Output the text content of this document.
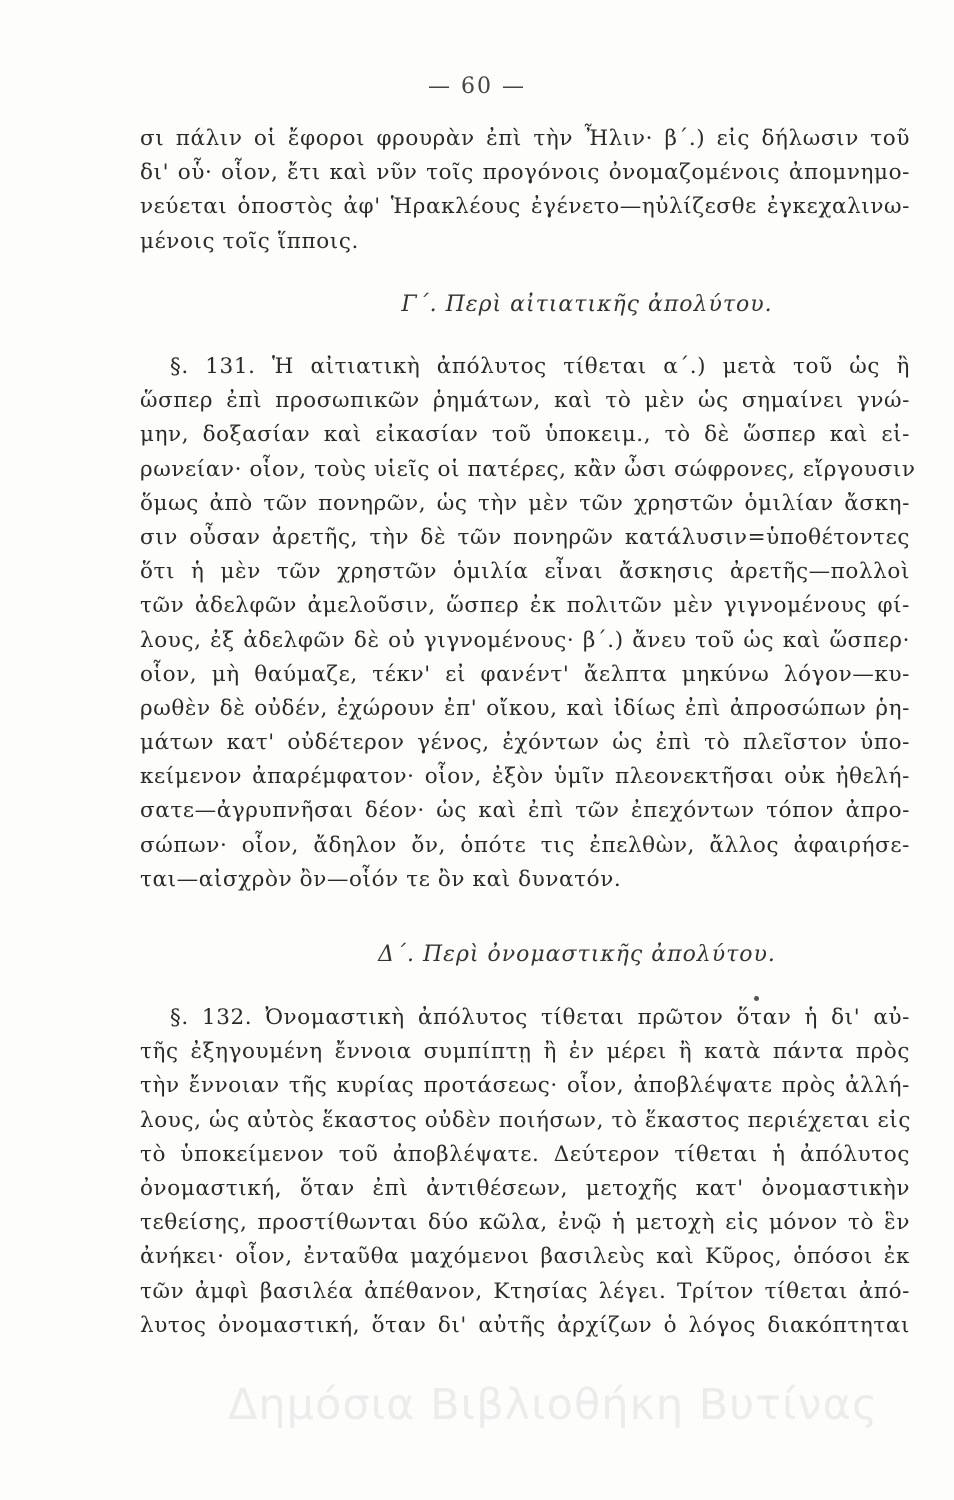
— 60 —
σι πάλιν οἱ ἔφοροι φρουρὰν ἐπὶ τὴν Ἦλιν· β΄.) εἰς δήλωσιν τοῦ
δι' οὗ· οἷον, ἔτι καὶ νῦν τοῖς προγόνοις ὀνομαζομένοις ἀπομνημο-
νεύεται ὁποστὸς ἀφ' Ἡρακλέους ἐγένετο—ηὐλίζεσθε ἐγκεχαλινω-
μένοις τοῖς ἵπποις.
Γ΄. Περὶ αἰτιατικῆς ἀπολύτου.
§. 131. Ἡ αἰτιατικὴ ἀπόλυτος τίθεται α΄.) μετὰ τοῦ ὡς ἢ
ὥσπερ ἐπὶ προσωπικῶν ῥημάτων, καὶ τὸ μὲν ὡς σημαίνει γνώ-
μην, δοξασίαν καὶ εἰκασίαν τοῦ ὑποκειμ., τὸ δὲ ὥσπερ καὶ εἰ-
ρωνείαν· οἷον, τοὺς υἱεῖς οἱ πατέρες, κἂν ὦσι σώφρονες, εἴργουσιν
ὅμως ἀπὸ τῶν πονηρῶν, ὡς τὴν μὲν τῶν χρηστῶν ὁμιλίαν ἄσκη-
σιν οὖσαν ἀρετῆς, τὴν δὲ τῶν πονηρῶν κατάλυσιν=ὑποθέτοντες
ὅτι ἡ μὲν τῶν χρηστῶν ὁμιλία εἶναι ἄσκησις ἀρετῆς—πολλοὶ
τῶν ἀδελφῶν ἀμελοῦσιν, ὥσπερ ἐκ πολιτῶν μὲν γιγνομένους φί-
λους, ἐξ ἀδελφῶν δὲ οὐ γιγνομένους· β΄.) ἄνευ τοῦ ὡς καὶ ὥσπερ·
οἷον, μὴ θαύμαζε, τέκν' εἰ φανέντ' ἄελπτα μηκύνω λόγον—κυ-
ρωθὲν δὲ οὐδέν, ἐχώρουν ἐπ' οἴκου, καὶ ἰδίως ἐπὶ ἀπροσώπων ῥη-
μάτων κατ' οὐδέτερον γένος, ἐχόντων ὡς ἐπὶ τὸ πλεῖστον ὑπο-
κείμενον ἀπαρέμφατον· οἷον, ἐξὸν ὑμῖν πλεονεκτῆσαι οὐκ ἠθελή-
σατε—ἀγρυπνῆσαι δέον· ὡς καὶ ἐπὶ τῶν ἐπεχόντων τόπον ἀπρο-
σώπων· οἷον, ἄδηλον ὄν, ὁπότε τις ἐπελθὼν, ἄλλος ἀφαιρήσε-
ται—αἰσχρὸν ὂν—οἷόν τε ὂν καὶ δυνατόν.
Δ΄. Περὶ ὀνομαστικῆς ἀπολύτου.
§. 132. Ὀνομαστικὴ ἀπόλυτος τίθεται πρῶτον ὅταν ἡ δι' αὐ-
τῆς ἐξηγουμένη ἔννοια συμπίπτῃ ἢ ἐν μέρει ἢ κατὰ πάντα πρὸς
τὴν ἔννοιαν τῆς κυρίας προτάσεως· οἷον, ἀποβλέψατε πρὸς ἀλλή-
λους, ὡς αὐτὸς ἕκαστος οὐδὲν ποιήσων, τὸ ἕκαστος περιέχεται εἰς
τὸ ὑποκείμενον τοῦ ἀποβλέψατε. Δεύτερον τίθεται ἡ ἀπόλυτος
ὀνομαστική, ὅταν ἐπὶ ἀντιθέσεων, μετοχῆς κατ' ὀνομαστικὴν
τεθείσης, προστίθωνται δύο κῶλα, ἐνῷ ἡ μετοχὴ εἰς μόνον τὸ ἓν
ἀνήκει· οἷον, ἐνταῦθα μαχόμενοι βασιλεὺς καὶ Κῦρος, ὁπόσοι ἐκ
τῶν ἀμφὶ βασιλέα ἀπέθανον, Κτησίας λέγει. Τρίτον τίθεται ἀπό-
λυτος ὀνομαστική, ὅταν δι' αὐτῆς ἀρχίζων ὁ λόγος διακόπτηται
Δημόσια Βιβλιοθήκη Βυτίνας
